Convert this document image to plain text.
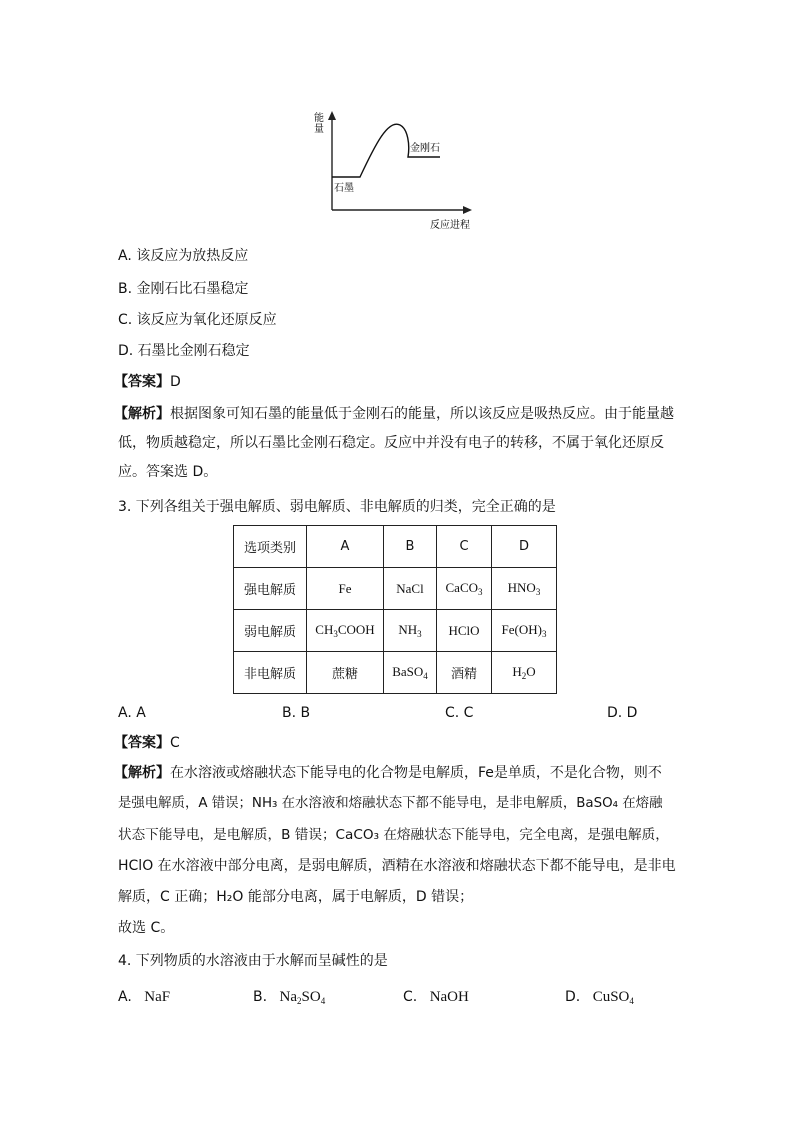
能
量
石墨
金刚石
反应进程
A. 该反应为放热反应
B. 金刚石比石墨稳定
C. 该反应为氧化还原反应
D. 石墨比金刚石稳定
【答案】D
【解析】根据图象可知石墨的能量低于金刚石的能量，所以该反应是吸热反应。由于能量越低，物质越稳定，所以石墨比金刚石稳定。反应中并没有电子的转移，不属于氧化还原反应。答案选 D。
3. 下列各组关于强电解质、弱电解质、非电解质的归类，完全正确的是
选项类别	A	B	C	D
强电解质	Fe	NaCl	CaCO$_3$	$HNO_3$
弱电解质	$CH_3COOH$	$NH_3$	HClO	$Fe(OH)_3$
非电解质	蔗糖	BaSO$_4$	酒精	$H_2O$
A. A	B. B	C. C	D. D
【答案】C
【解析】在水溶液或熔融状态下能导电的化合物是电解质，Fe是单质，不是化合物，则不
是强电解质，A 错误；NH₃ 在水溶液和熔融状态下都不能导电，是非电解质，BaSO₄ 在熔融
状态下能导电，是电解质，B 错误；CaCO₃ 在熔融状态下能导电，完全电离，是强电解质，
HClO 在水溶液中部分电离，是弱电解质，酒精在水溶液和熔融状态下都不能导电，是非电
解质，C 正确；H₂O 能部分电离，属于电解质，D 错误；
故选 C。
4. 下列物质的水溶液由于水解而呈碱性的是
A. NaF	B. $Na_2SO_4$	C. NaOH	D. CuSO$_4$
